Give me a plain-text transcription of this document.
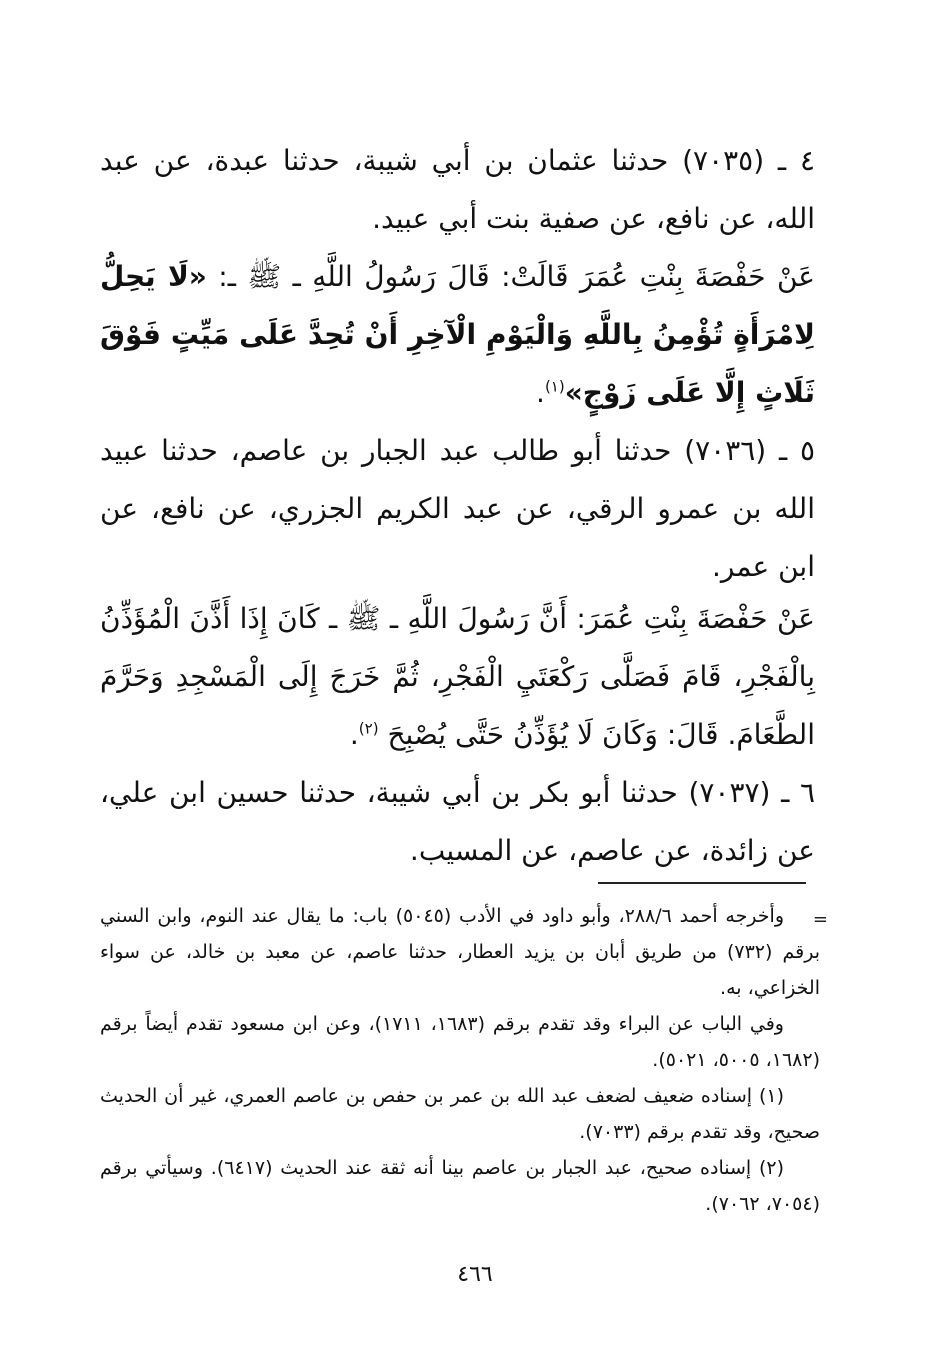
٤ ـ (٧٠٣٥) حدثنا عثمان بن أبي شيبة، حدثنا عبدة، عن عبد الله، عن نافع، عن صفية بنت أبي عبيد.
عَنْ حَفْصَةَ بِنْتِ عُمَرَ قَالَتْ: قَالَ رَسُولُ اللَّهِ ـ ﷺ ـ: «لَا يَحِلُّ لِامْرَأَةٍ تُؤْمِنُ بِاللَّهِ وَالْيَوْمِ الْآخِرِ أَنْ تُحِدَّ عَلَى مَيِّتٍ فَوْقَ ثَلَاثٍ إِلَّا عَلَى زَوْجٍ»$^{(١)}$.
٥ ـ (٧٠٣٦) حدثنا أبو طالب عبد الجبار بن عاصم، حدثنا عبيد الله بن عمرو الرقي، عن عبد الكريم الجزري، عن نافع، عن ابن عمر.
عَنْ حَفْصَةَ بِنْتِ عُمَرَ: أَنَّ رَسُولَ اللَّهِ ـ ﷺ ـ كَانَ إِذَا أَذَّنَ الْمُؤَذِّنُ بِالْفَجْرِ، قَامَ فَصَلَّى رَكْعَتَيِ الْفَجْرِ، ثُمَّ خَرَجَ إِلَى الْمَسْجِدِ وَحَرَّمَ الطَّعَامَ. قَالَ: وَكَانَ لَا يُؤَذِّنُ حَتَّى يُصْبِحَ $^{(٢)}$.
٦ ـ (٧٠٣٧) حدثنا أبو بكر بن أبي شيبة، حدثنا حسين ابن علي، عن زائدة، عن عاصم، عن المسيب.
=

وأخرجه أحمد ٢٨٨/٦، وأبو داود في الأدب (٥٠٤٥) باب: ما يقال عند النوم، وابن السني برقم (٧٣٢) من طريق أبان بن يزيد العطار، حدثنا عاصم، عن معبد بن خالد، عن سواء الخزاعي، به.

وفي الباب عن البراء وقد تقدم برقم (١٦٨٣، ١٧١١)، وعن ابن مسعود تقدم أيضاً برقم (١٦٨٢، ٥٠٠٥، ٥٠٢١).

(١) إسناده ضعيف لضعف عبد الله بن عمر بن حفص بن عاصم العمري، غير أن الحديث صحيح، وقد تقدم برقم (٧٠٣٣).

(٢) إسناده صحيح، عبد الجبار بن عاصم بينا أنه ثقة عند الحديث (٦٤١٧). وسيأتي برقم (٧٠٥٤، ٧٠٦٢).

٤٦٦
